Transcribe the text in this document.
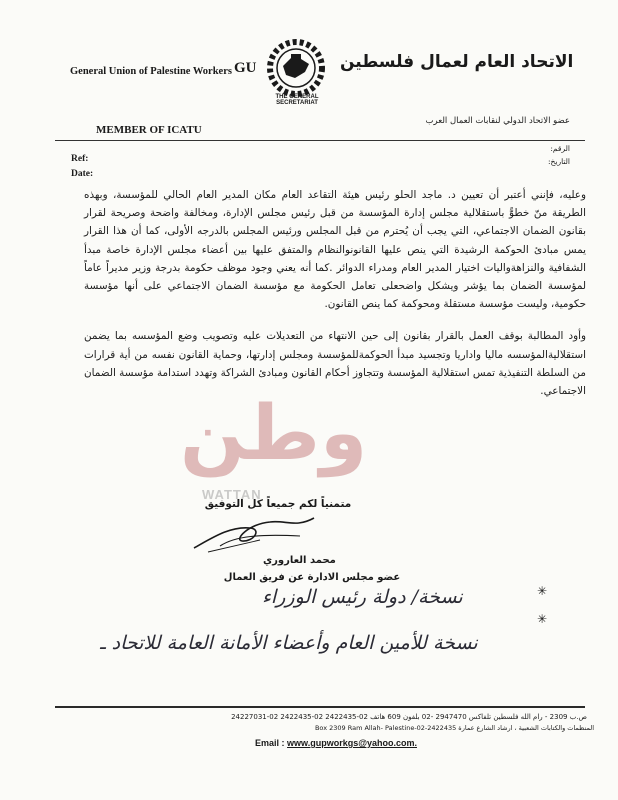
General Union of Palestine Workers GU
THE GENERAL SECRETARIAT
الاتحاد العام لعمال فلسطين
MEMBER OF ICATU
عضو الاتحاد الدولي لنقابات العمال العرب
Ref:
Date:
الرقم:
التاريخ:

وعليه، فإنني أعتبر أن تعيين د. ماجد الحلو رئيس هيئة التقاعد العام مكان المدير العام الحالي للمؤسسة، وبهذه الطريقة منّ خطوًّ باستقلالية مجلس إدارة المؤسسة من قبل رئيس مجلس الإدارة، ومخالفة واضحة وصريحة لقرار بقانون الضمان الاجتماعي، التي يجب أن يُحترم من قبل المجلس ورئيس المجلس بالدرجه الأولى، كما أن هذا القرار يمس مبادئ الحوكمة الرشيدة التي ينص عليها القانونوالنظام والمتفق عليها بين أعضاء مجلس الإدارة خاصة مبدأ الشفافية والنزاهةواليات اختيار المدير العام ومدراء الدوائر .كما أنه يعني وجود موظف حكومة بدرجة وزير مديراً عاماً لمؤسسة الضمان بما يؤشر ويشكل واضحعلى تعامل الحكومة مع مؤسسة الضمان الاجتماعي على أنها مؤسسة حكومية، وليست مؤسسة مستقلة ومحوكمة كما ينص القانون.

وأود المطالبة بوقف العمل بالقرار بقانون إلى حين الانتهاء من التعديلات عليه وتصويب وضع المؤسسه بما يضمن استقلاليةالمؤسسه ماليا واداريا وتجسيد مبدأ الحوكمةللمؤسسة ومجلس إدارتها، وحماية القانون نفسه من أية قرارات من السلطة التنفيذية تمس استقلالية المؤسسة وتتجاوز أحكام القانون ومبادئ الشراكة وتهدد استدامة مؤسسة الضمان الاجتماعي.

وطن
WATTAN
متمنياً لكم جميعاً كل التوفيق
محمد العاروري
عضو مجلس الادارة عن فريق العمال
✳
✳
نسخة/ دولة رئيس الوزراء
نسخة للأمين العام وأعضاء الأمانة العامة للاتحاد ـ
ص.ب 2309 - رام الله فلسطين تلفاكس 2947470 -02 بلفون 609 هاتف 02-2422435 02-2422435 02-24227031
المنظمات والكتابات الشعبية ، ارشاد الشارع عمارة Box 2309 Ram Allah- Palestine-02-2422435
Email : www.gupworkgs@yahoo.com.
